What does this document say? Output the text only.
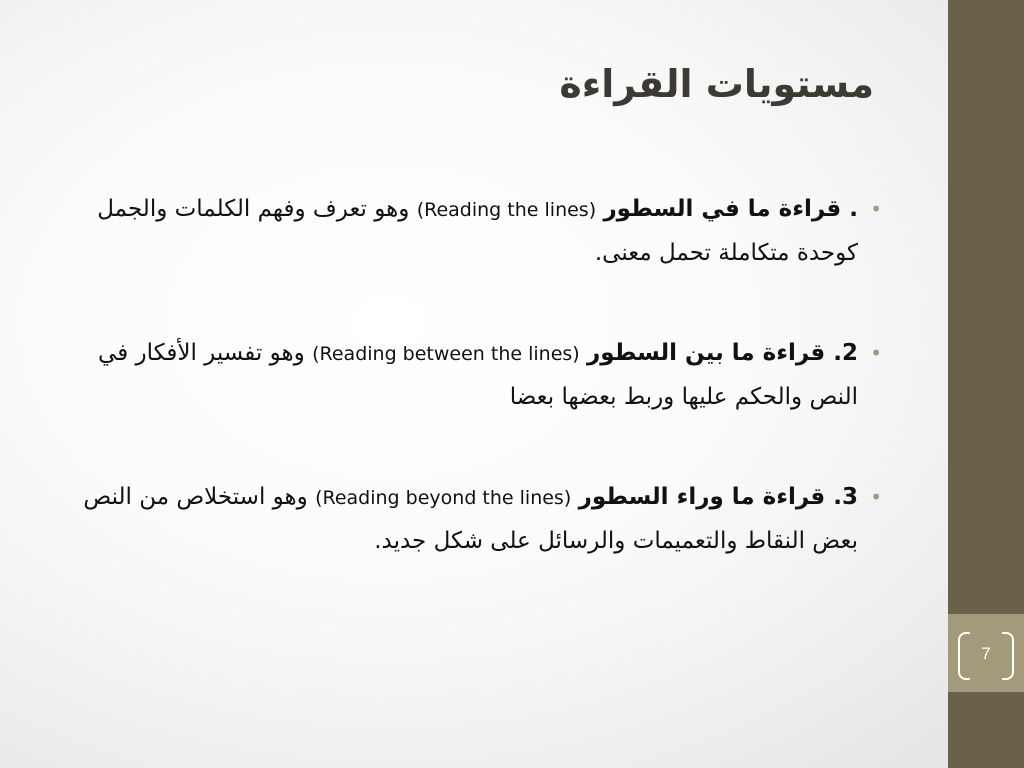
7
مستويات القراءة
• . قراءة ما في السطور (Reading the lines) وهو تعرف وفهم الكلمات والجمل كوحدة متكاملة تحمل معنى.
• 2. قراءة ما بين السطور (Reading between the lines) وهو تفسير الأفكار في النص والحكم عليها وربط بعضها بعضا
• 3. قراءة ما وراء السطور (Reading beyond the lines) وهو استخلاص من النص بعض النقاط والتعميمات والرسائل على شكل جديد.
